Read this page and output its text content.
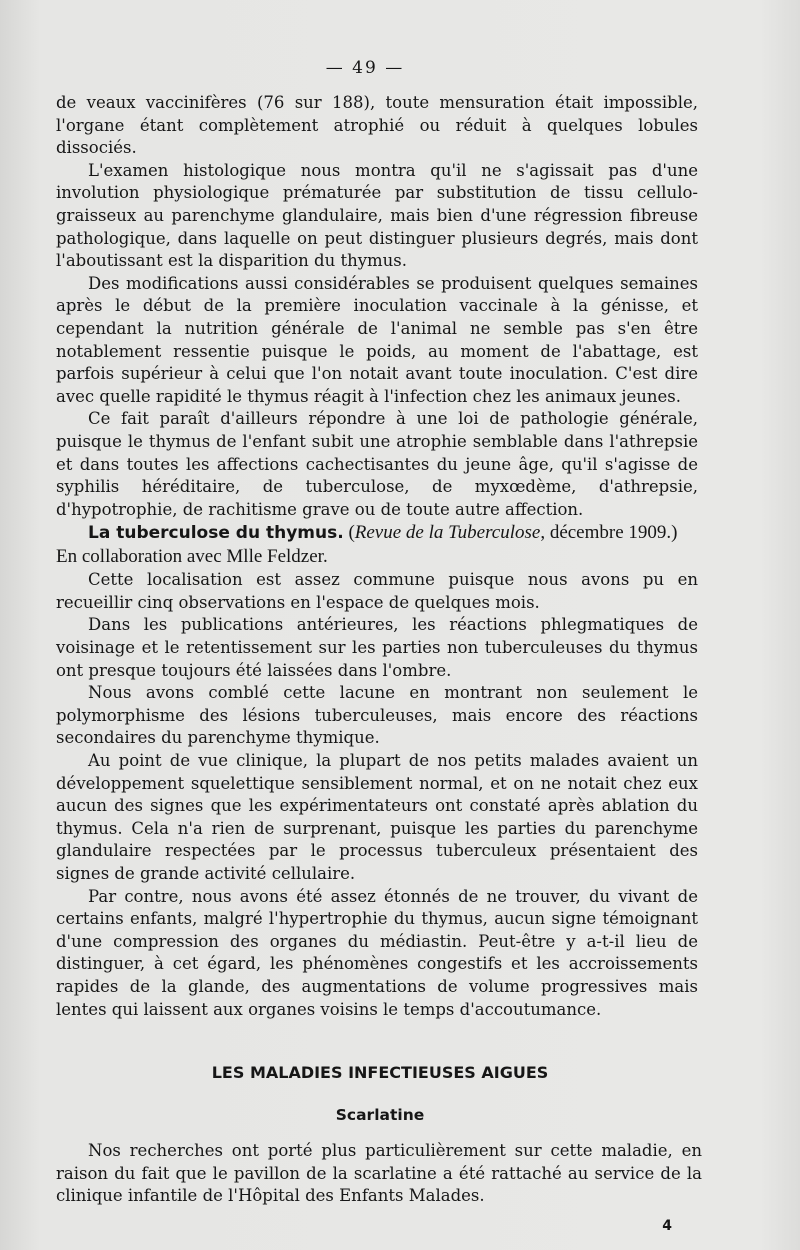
— 49 —

de veaux vaccinifères (76 sur 188), toute mensuration était impossible, l'organe étant complètement atrophié ou réduit à quelques lobules dissociés.

L'examen histologique nous montra qu'il ne s'agissait pas d'une involution physiologique prématurée par substitution de tissu cellulo-graisseux au parenchyme glandulaire, mais bien d'une régression fibreuse pathologique, dans laquelle on peut distinguer plusieurs degrés, mais dont l'aboutissant est la disparition du thymus.

Des modifications aussi considérables se produisent quelques semaines après le début de la première inoculation vaccinale à la génisse, et cependant la nutrition générale de l'animal ne semble pas s'en être notablement ressentie puisque le poids, au moment de l'abattage, est parfois supérieur à celui que l'on notait avant toute inoculation. C'est dire avec quelle rapidité le thymus réagit à l'infection chez les animaux jeunes.

Ce fait paraît d'ailleurs répondre à une loi de pathologie générale, puisque le thymus de l'enfant subit une atrophie semblable dans l'athrepsie et dans toutes les affections cachectisantes du jeune âge, qu'il s'agisse de syphilis héréditaire, de tuberculose, de myxœdème, d'athrepsie, d'hypotrophie, de rachitisme grave ou de toute autre affection.

La tuberculose du thymus. (Revue de la Tuberculose, décembre 1909.)

En collaboration avec Mlle Feldzer.

Cette localisation est assez commune puisque nous avons pu en recueillir cinq observations en l'espace de quelques mois.

Dans les publications antérieures, les réactions phlegmatiques de voisinage et le retentissement sur les parties non tuberculeuses du thymus ont presque toujours été laissées dans l'ombre.

Nous avons comblé cette lacune en montrant non seulement le polymorphisme des lésions tuberculeuses, mais encore des réactions secondaires du parenchyme thymique.

Au point de vue clinique, la plupart de nos petits malades avaient un développement squelettique sensiblement normal, et on ne notait chez eux aucun des signes que les expérimentateurs ont constaté après ablation du thymus. Cela n'a rien de surprenant, puisque les parties du parenchyme glandulaire respectées par le processus tuberculeux présentaient des signes de grande activité cellulaire.

Par contre, nous avons été assez étonnés de ne trouver, du vivant de certains enfants, malgré l'hypertrophie du thymus, aucun signe témoignant d'une compression des organes du médiastin. Peut-être y a-t-il lieu de distinguer, à cet égard, les phénomènes congestifs et les accroissements rapides de la glande, des augmentations de volume progressives mais lentes qui laissent aux organes voisins le temps d'accoutumance.

LES MALADIES INFECTIEUSES AIGUES
Scarlatine

Nos recherches ont porté plus particulièrement sur cette maladie, en raison du fait que le pavillon de la scarlatine a été rattaché au service de la clinique infantile de l'Hôpital des Enfants Malades.

4
